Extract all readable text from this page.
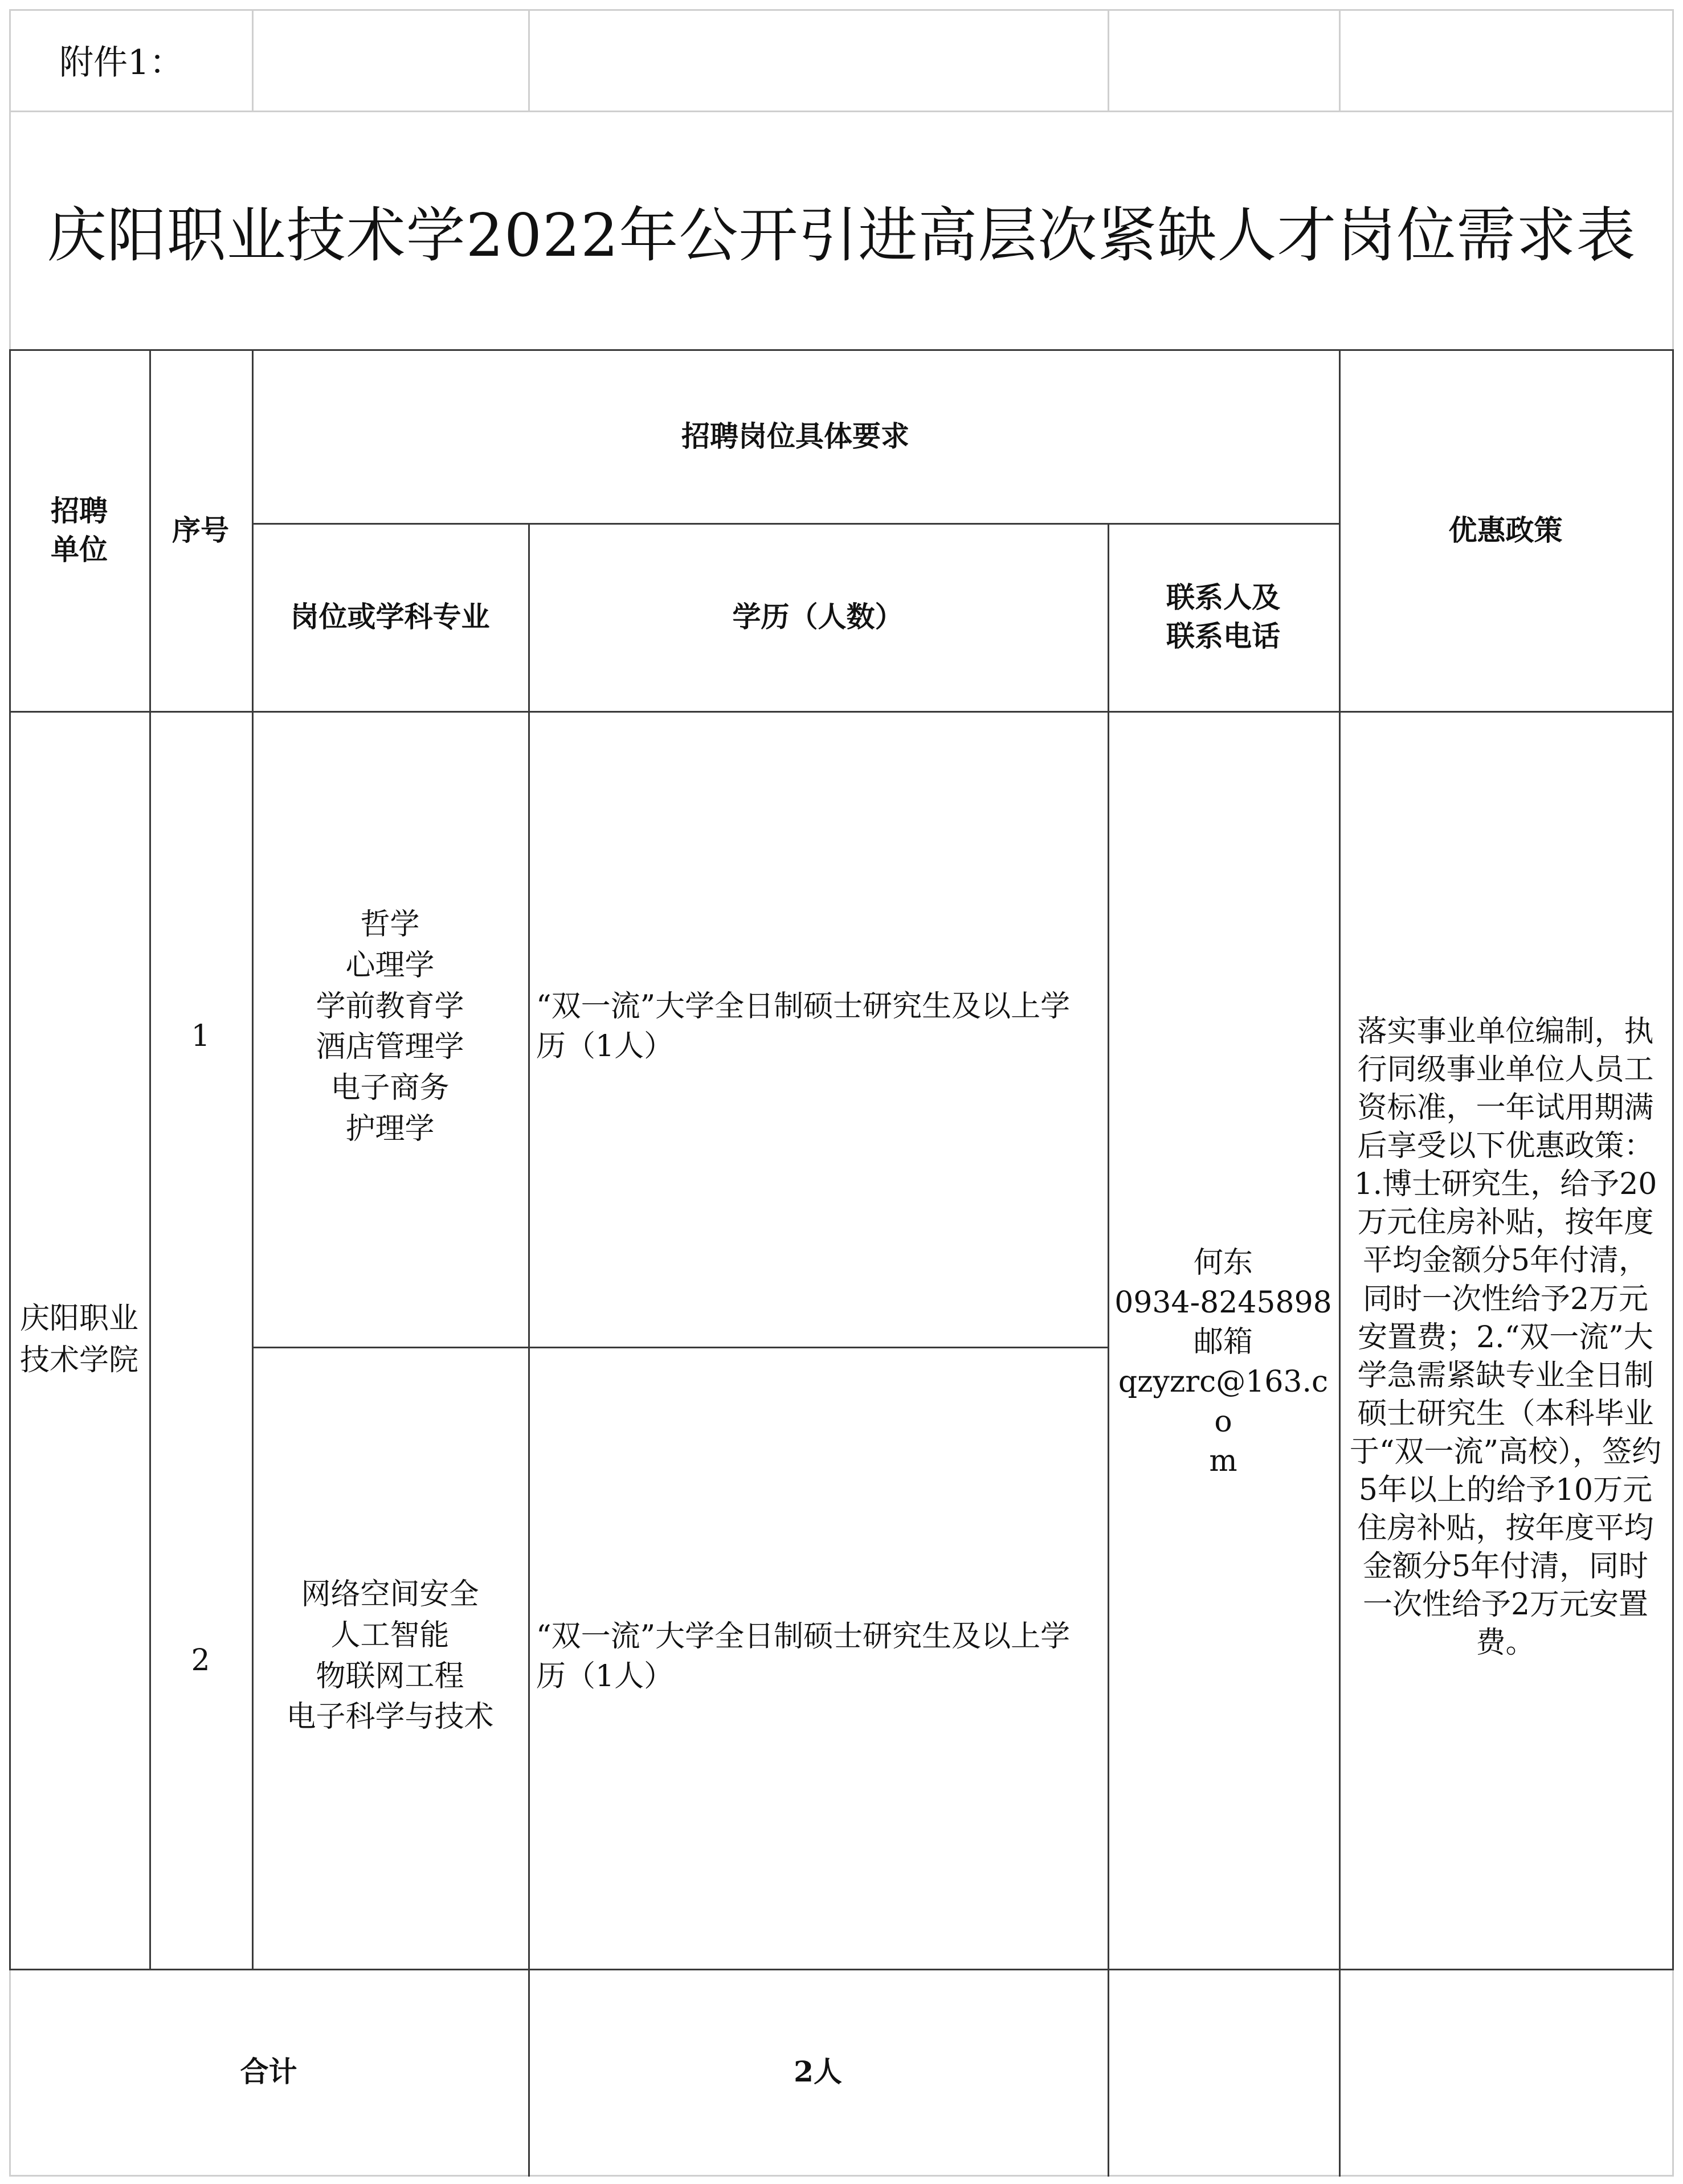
附件1：
庆阳职业技术学2022年公开引进高层次紧缺人才岗位需求表
招聘
单位
序号
招聘岗位具体要求
岗位或学科专业	学历（人数）
联系人及
联系电话
优惠政策
庆阳职业
技术学院
1
哲学
心理学
学前教育学
酒店管理学
电子商务
护理学
“双一流”大学全日制硕士研究生及以上学历（1人）
2
网络空间安全
人工智能
物联网工程
电子科学与技术
“双一流”大学全日制硕士研究生及以上学历（1人）
何东
0934-8245898
邮箱
qzyzrc@163.co
m
落实事业单位编制，执行同级事业单位人员工资标准，一年试用期满后享受以下优惠政策：1.博士研究生，给予20万元住房补贴，按年度平均金额分5年付清，同时一次性给予2万元安置费；2.“双一流”大学急需紧缺专业全日制硕士研究生（本科毕业于“双一流”高校），签约5年以上的给予10万元住房补贴，按年度平均金额分5年付清，同时一次性给予2万元安置费。
合计	2人
